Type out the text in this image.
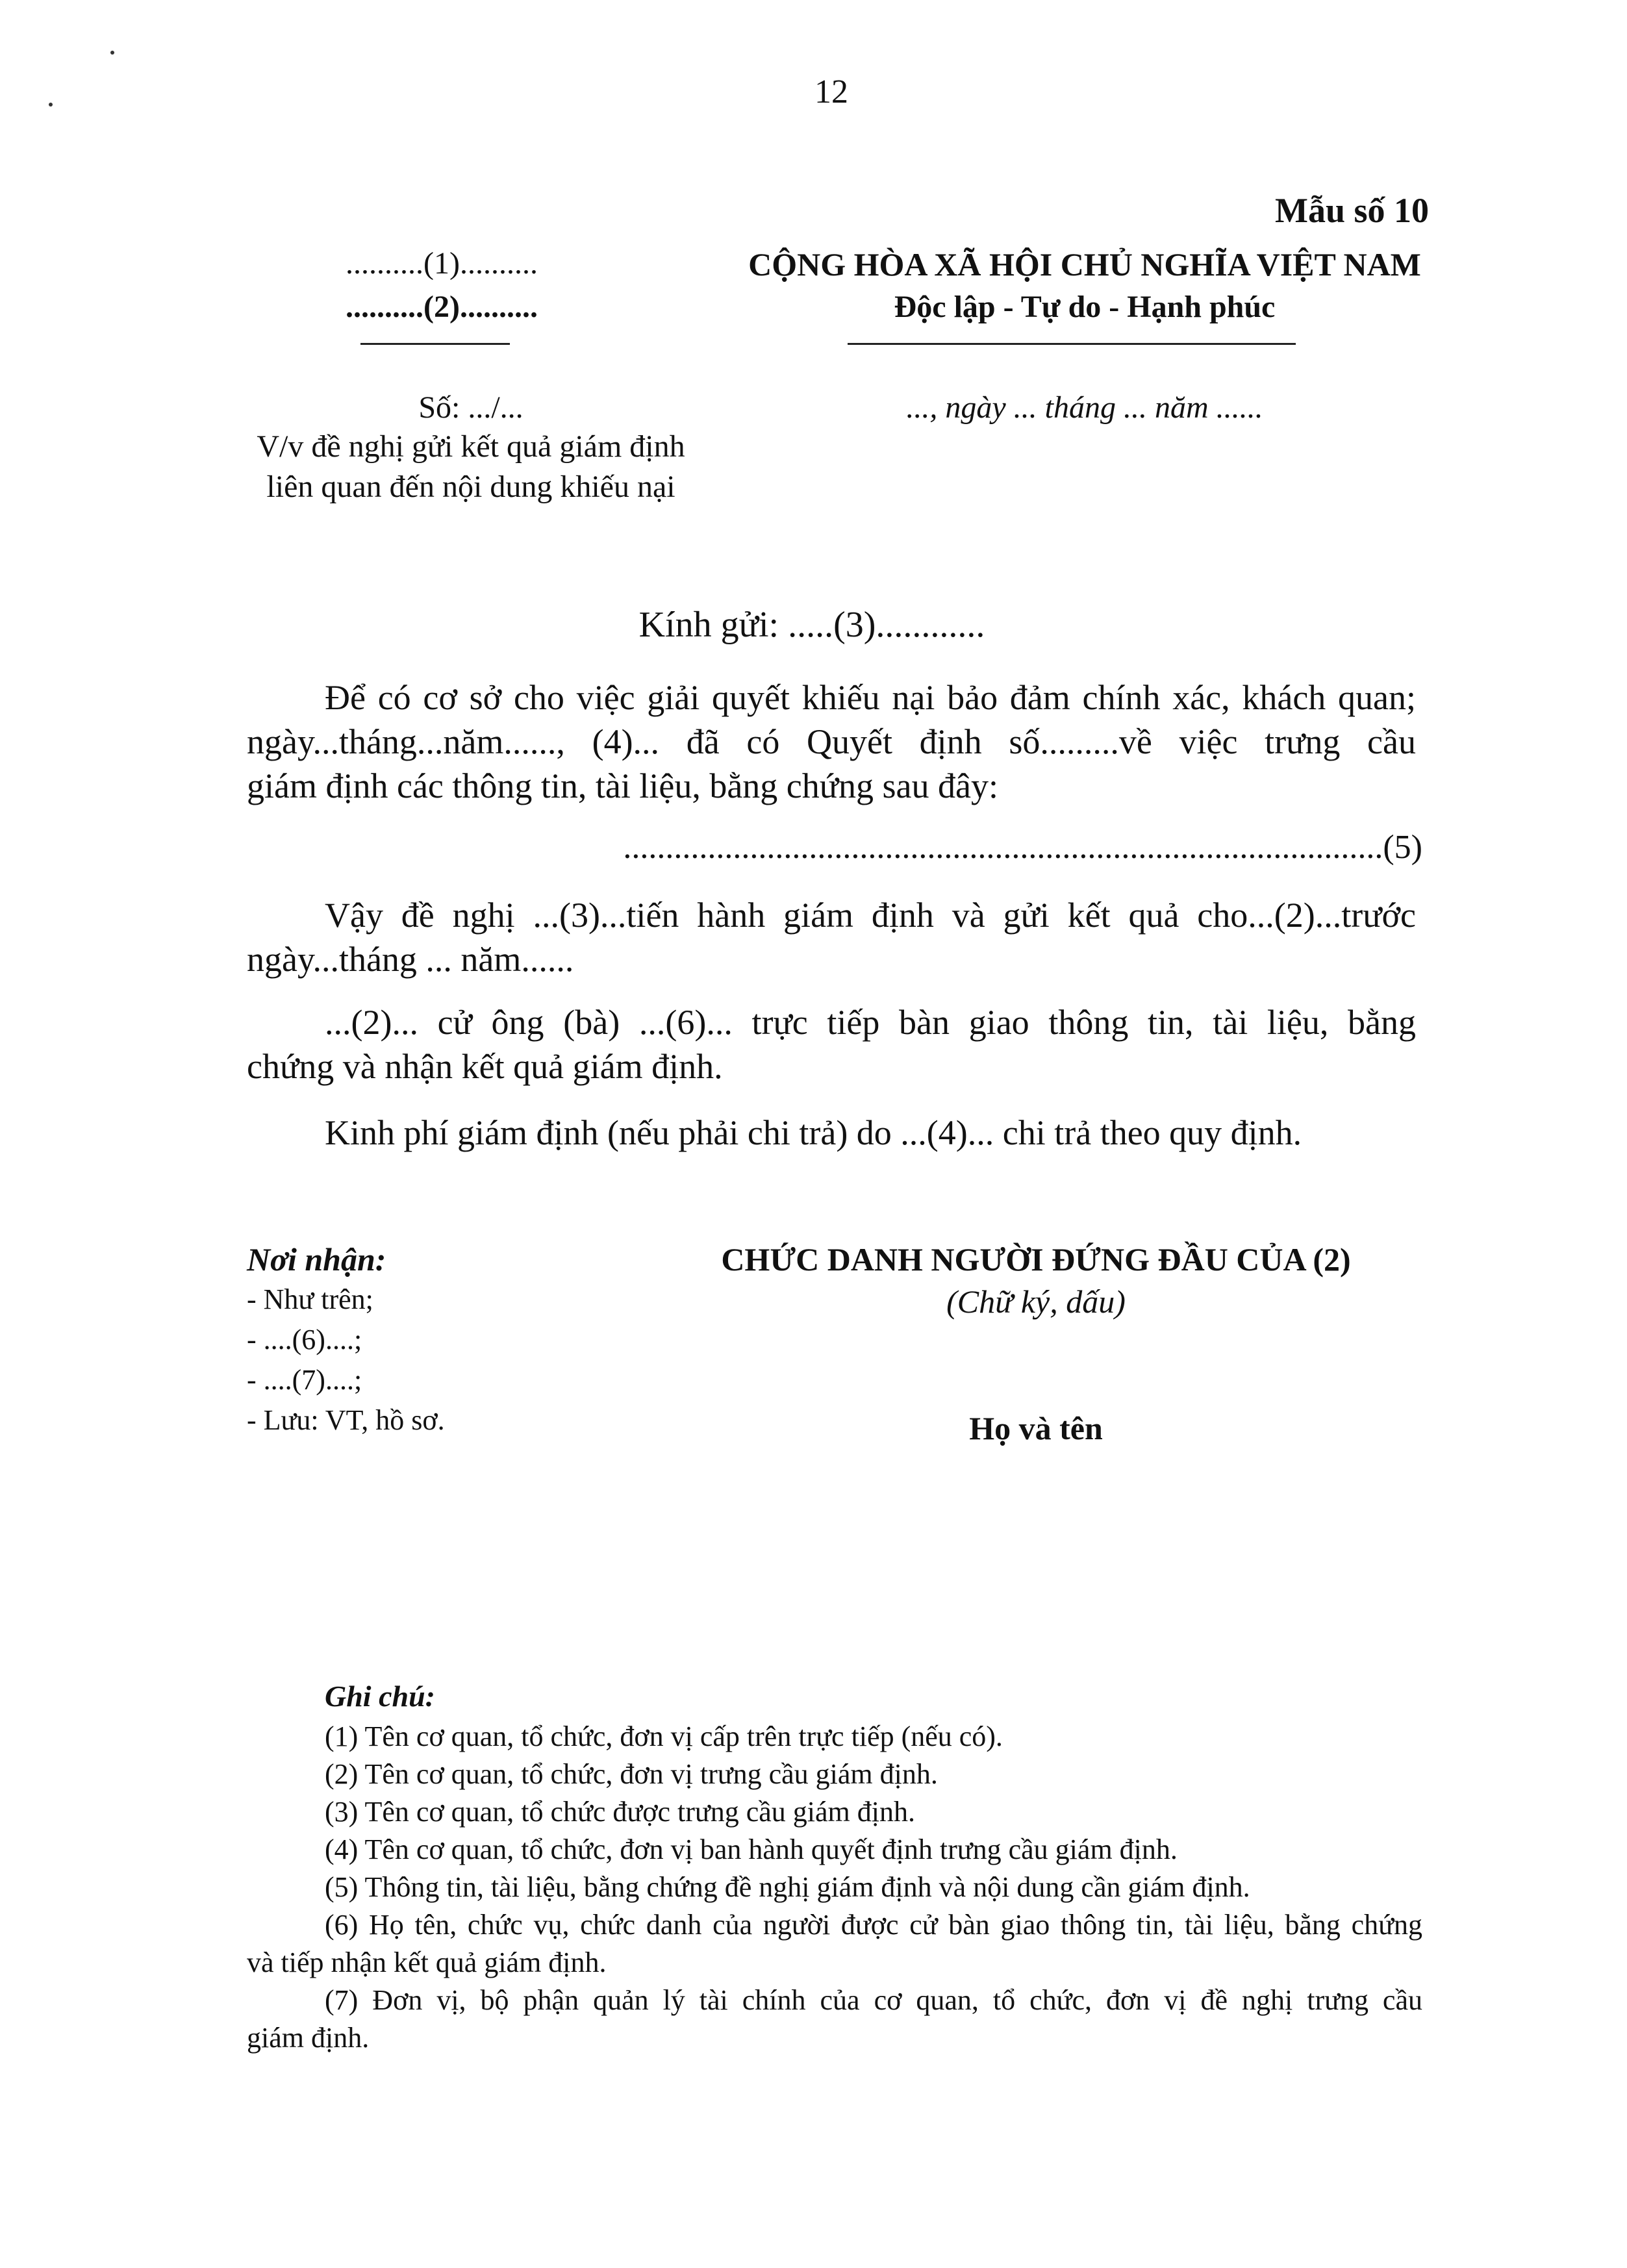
12
Mẫu số 10
..........(1)..........
..........(2)..........
CỘNG HÒA XÃ HỘI CHỦ NGHĨA VIỆT NAM
Độc lập - Tự do - Hạnh phúc
Số: .../...
V/v đề nghị gửi kết quả giám định
liên quan đến nội dung khiếu nại
..., ngày ... tháng ... năm ......
Kính gửi: .....(3)............
Để có cơ sở cho việc giải quyết khiếu nại bảo đảm chính xác, khách quan;
ngày...tháng...năm......, (4)... đã có Quyết định số.........về việc trưng cầu
giám định các thông tin, tài liệu, bằng chứng sau đây:
..........................................................................................(5)
Vậy đề nghị ...(3)...tiến hành giám định và gửi kết quả cho...(2)...trước
ngày...tháng ... năm......
...(2)... cử ông (bà) ...(6)... trực tiếp bàn giao thông tin, tài liệu, bằng
chứng và nhận kết quả giám định.
Kinh phí giám định (nếu phải chi trả) do ...(4)... chi trả theo quy định.
Nơi nhận:
- Như trên;
- ....(6)....;
- ....(7)....;
- Lưu: VT, hồ sơ.
CHỨC DANH NGƯỜI ĐỨNG ĐẦU CỦA (2)
(Chữ ký, dấu)
Họ và tên
Ghi chú:
(1) Tên cơ quan, tổ chức, đơn vị cấp trên trực tiếp (nếu có).
(2) Tên cơ quan, tổ chức, đơn vị trưng cầu giám định.
(3) Tên cơ quan, tổ chức được trưng cầu giám định.
(4) Tên cơ quan, tổ chức, đơn vị ban hành quyết định trưng cầu giám định.
(5) Thông tin, tài liệu, bằng chứng đề nghị giám định và nội dung cần giám định.
(6) Họ tên, chức vụ, chức danh của người được cử bàn giao thông tin, tài liệu, bằng chứng
và tiếp nhận kết quả giám định.
(7) Đơn vị, bộ phận quản lý tài chính của cơ quan, tổ chức, đơn vị đề nghị trưng cầu
giám định.
